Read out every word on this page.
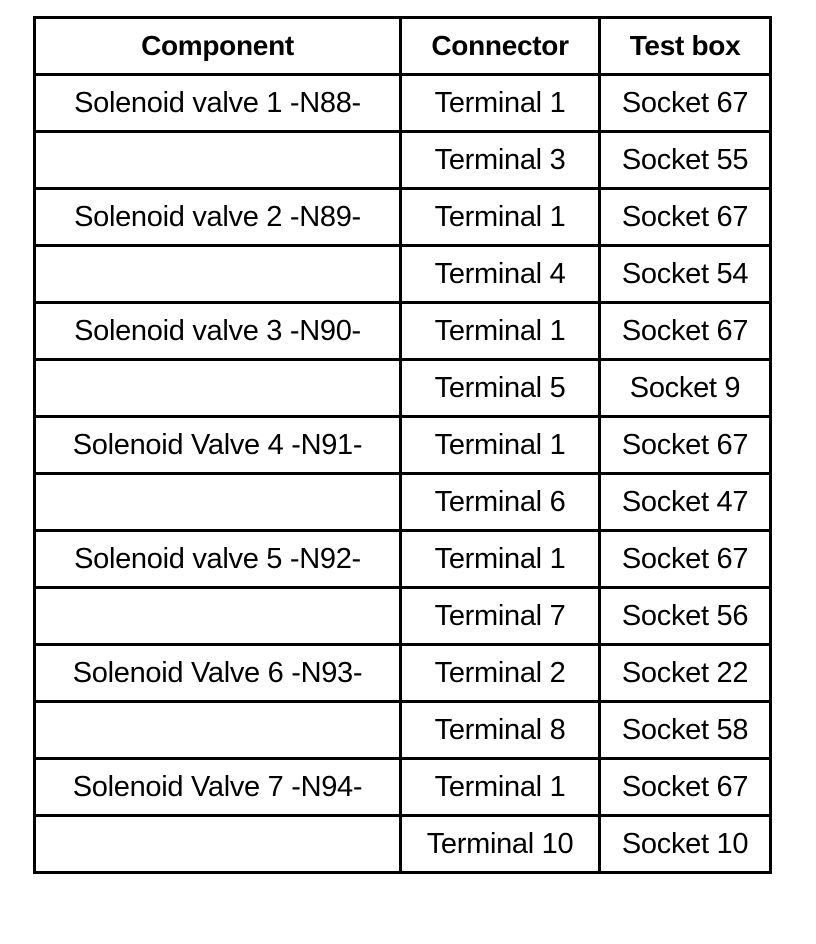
Component	Connector	Test box
Solenoid valve 1 -N88-	Terminal 1	Socket 67
	Terminal 3	Socket 55
Solenoid valve 2 -N89-	Terminal 1	Socket 67
	Terminal 4	Socket 54
Solenoid valve 3 -N90-	Terminal 1	Socket 67
	Terminal 5	Socket 9
Solenoid Valve 4 -N91-	Terminal 1	Socket 67
	Terminal 6	Socket 47
Solenoid valve 5 -N92-	Terminal 1	Socket 67
	Terminal 7	Socket 56
Solenoid Valve 6 -N93-	Terminal 2	Socket 22
	Terminal 8	Socket 58
Solenoid Valve 7 -N94-	Terminal 1	Socket 67
	Terminal 10	Socket 10
